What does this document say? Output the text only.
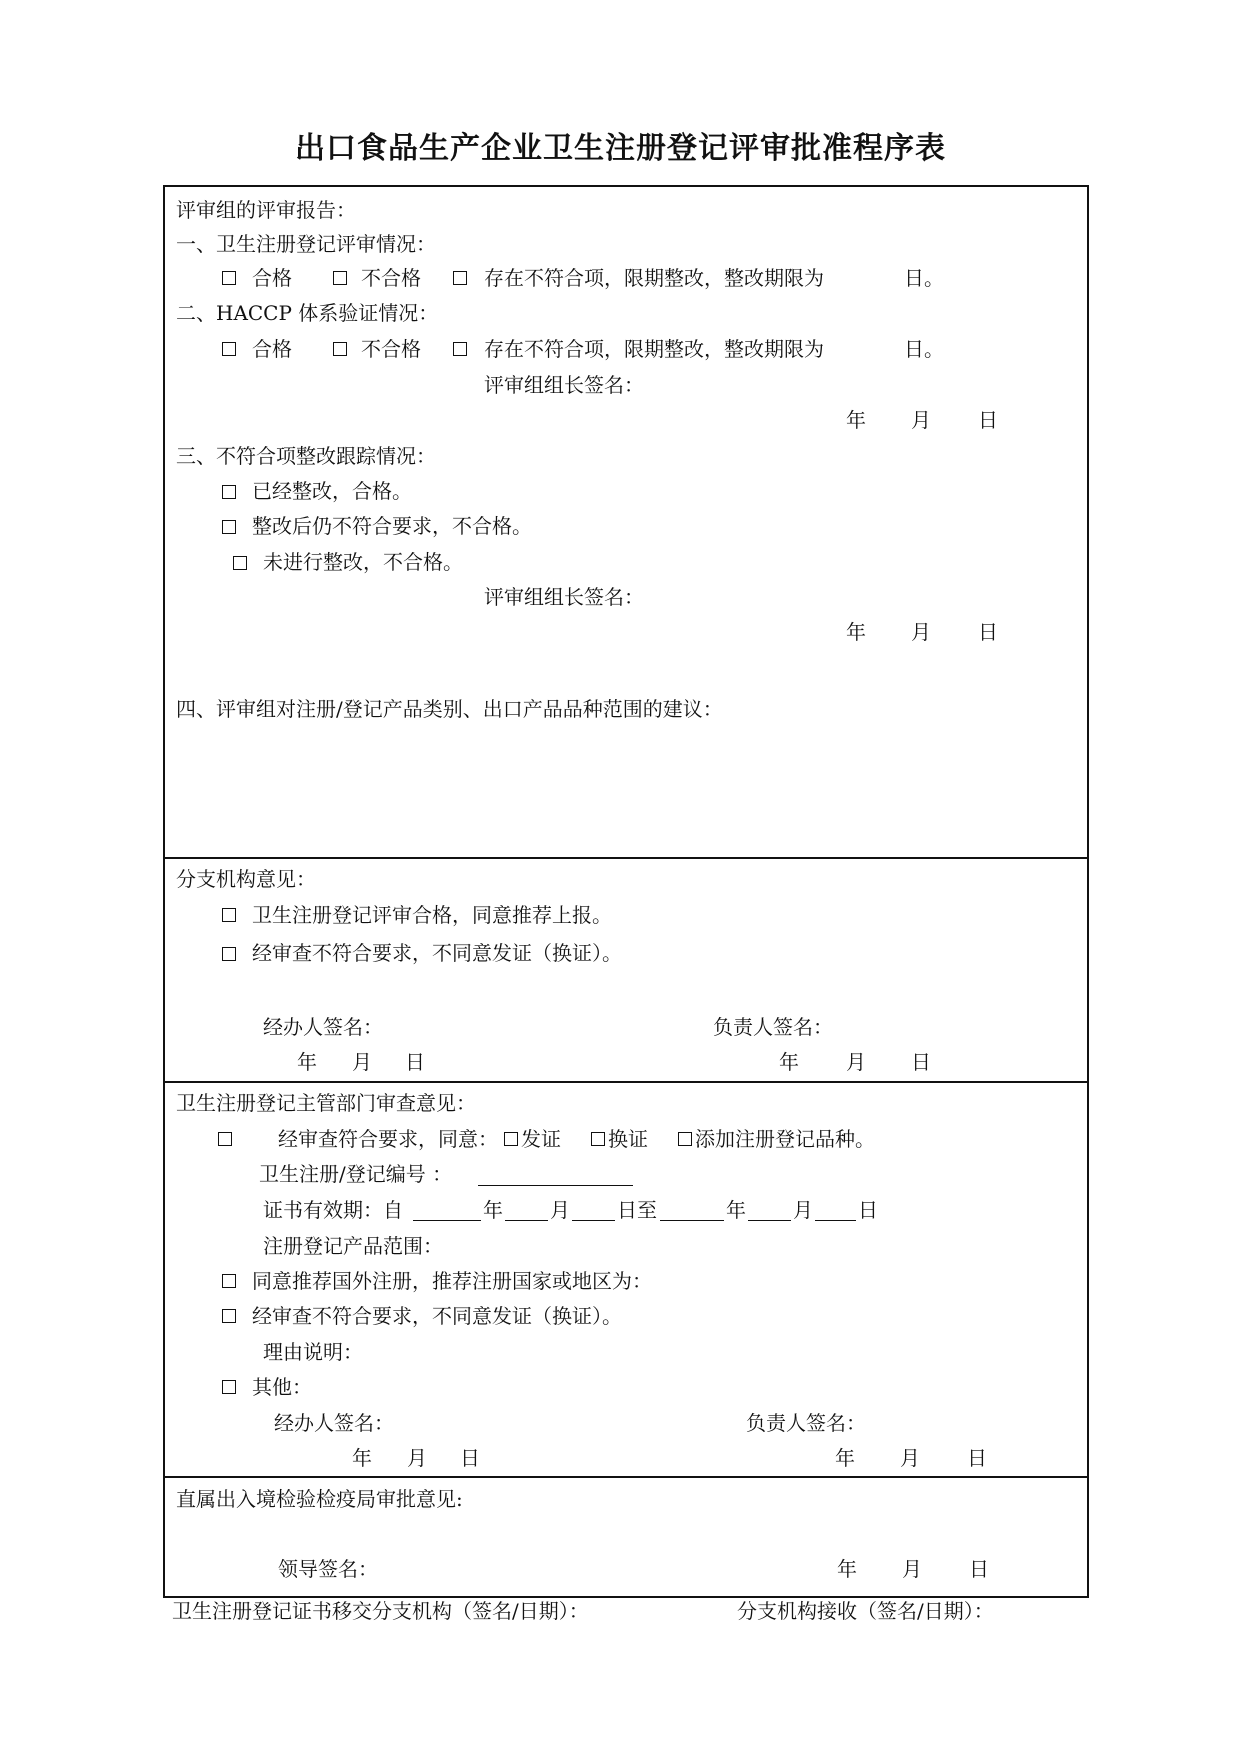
出口食品生产企业卫生注册登记评审批准程序表
评审组的评审报告：
一、卫生注册登记评审情况：
合格	不合格	存在不符合项，限期整改，整改期限为	日。
二、HACCP 体系验证情况：
合格	不合格	存在不符合项，限期整改，整改期限为	日。
评审组组长签名：
年 月 日
三、不符合项整改跟踪情况：
已经整改，合格。
整改后仍不符合要求，不合格。
未进行整改，不合格。
评审组组长签名：
年 月 日
四、评审组对注册/登记产品类别、出口产品品种范围的建议：
分支机构意见：
卫生注册登记评审合格，同意推荐上报。
经审查不符合要求，不同意发证（换证）。
经办人签名：	负责人签名：
年 月 日	年 月 日
卫生注册登记主管部门审查意见：
经审查符合要求，同意： 发证 换证 添加注册登记品种。
卫生注册/登记编号 ：
证书有效期：自	年 月 日至	年 月 日
注册登记产品范围：
同意推荐国外注册，推荐注册国家或地区为：
经审查不符合要求，不同意发证（换证）。
理由说明：
其他：
经办人签名：	负责人签名：
年 月 日	年 月 日
直属出入境检验检疫局审批意见:
领导签名：	年 月 日
卫生注册登记证书移交分支机构（签名/日期）：	分支机构接收（签名/日期）：
